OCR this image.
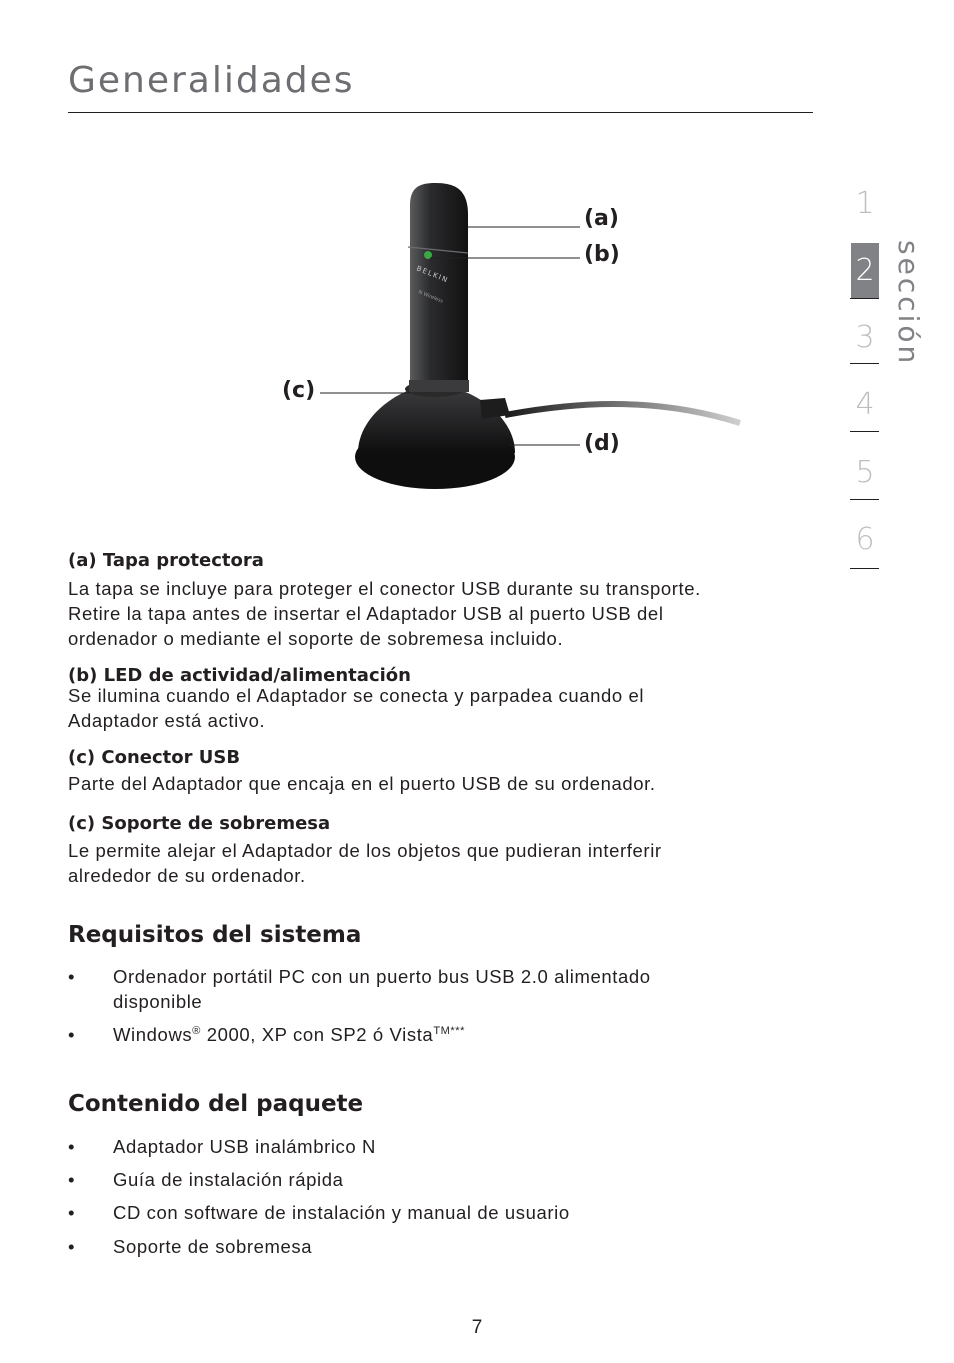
Generalidades
1
2
3
4
5
6
sección
BELKIN
N Wireless
(a)
(b)
(c)
(d)
(a) Tapa protectora
La tapa se incluye para proteger el conector USB durante su transporte.
Retire la tapa antes de insertar el Adaptador USB al puerto USB del
ordenador o mediante el soporte de sobremesa incluido.
(b) LED de actividad/alimentación
Se ilumina cuando el Adaptador se conecta y parpadea cuando el
Adaptador está activo.
(c) Conector USB
Parte del Adaptador que encaja en el puerto USB de su ordenador.
(c) Soporte de sobremesa
Le permite alejar el Adaptador de los objetos que pudieran interferir
alrededor de su ordenador.
Requisitos del sistema
• Ordenador portátil PC con un puerto bus USB 2.0 alimentado
disponible
• Windows® 2000, XP con SP2 ó Vista$^{TM***}$
Contenido del paquete
• Adaptador USB inalámbrico N
• Guía de instalación rápida
• CD con software de instalación y manual de usuario
• Soporte de sobremesa
7
